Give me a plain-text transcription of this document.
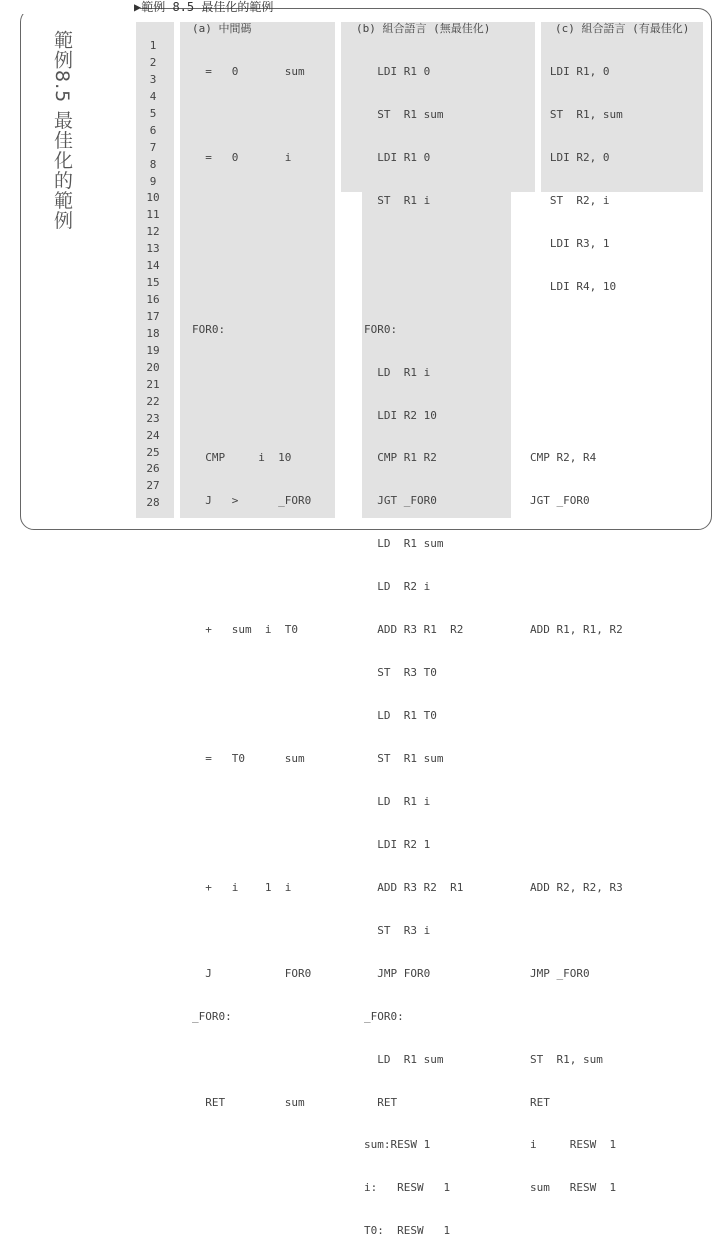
▶範例 8.5 最佳化的範例
範例8.5 最佳化的範例
(a) 中間碼	(b) 組合語言 (無最佳化)	(c) 組合語言 (有最佳化)
1
2
3
4
5
6
7
8
9
10
11
12
13
14
15
16
17
18
19
20
21
22
23
24
25
26
27
28

=   0       sum

=   0       i

FOR0:

CMP     i  10

J   >      _FOR0

+   sum  i  T0

=   T0      sum

+   i    1  i

J           FOR0

_FOR0:

RET         sum

LDI R1 0

ST  R1 sum

LDI R1 0

ST  R1 i

FOR0:

LD  R1 i

LDI R2 10

CMP R1 R2

JGT _FOR0

LD  R1 sum

LD  R2 i

ADD R3 R1  R2

ST  R3 T0

LD  R1 T0

ST  R1 sum

LD  R1 i

LDI R2 1

ADD R3 R2  R1

ST  R3 i

JMP FOR0

_FOR0:

LD  R1 sum

RET

sum:RESW 1

i:   RESW   1

T0:  RESW   1

LDI R1, 0

ST  R1, sum

LDI R2, 0

ST  R2, i

LDI R3, 1

LDI R4, 10

CMP R2, R4

JGT _FOR0

ADD R1, R1, R2

ADD R2, R2, R3

JMP _FOR0

ST  R1, sum

RET

i     RESW  1

sum   RESW  1
